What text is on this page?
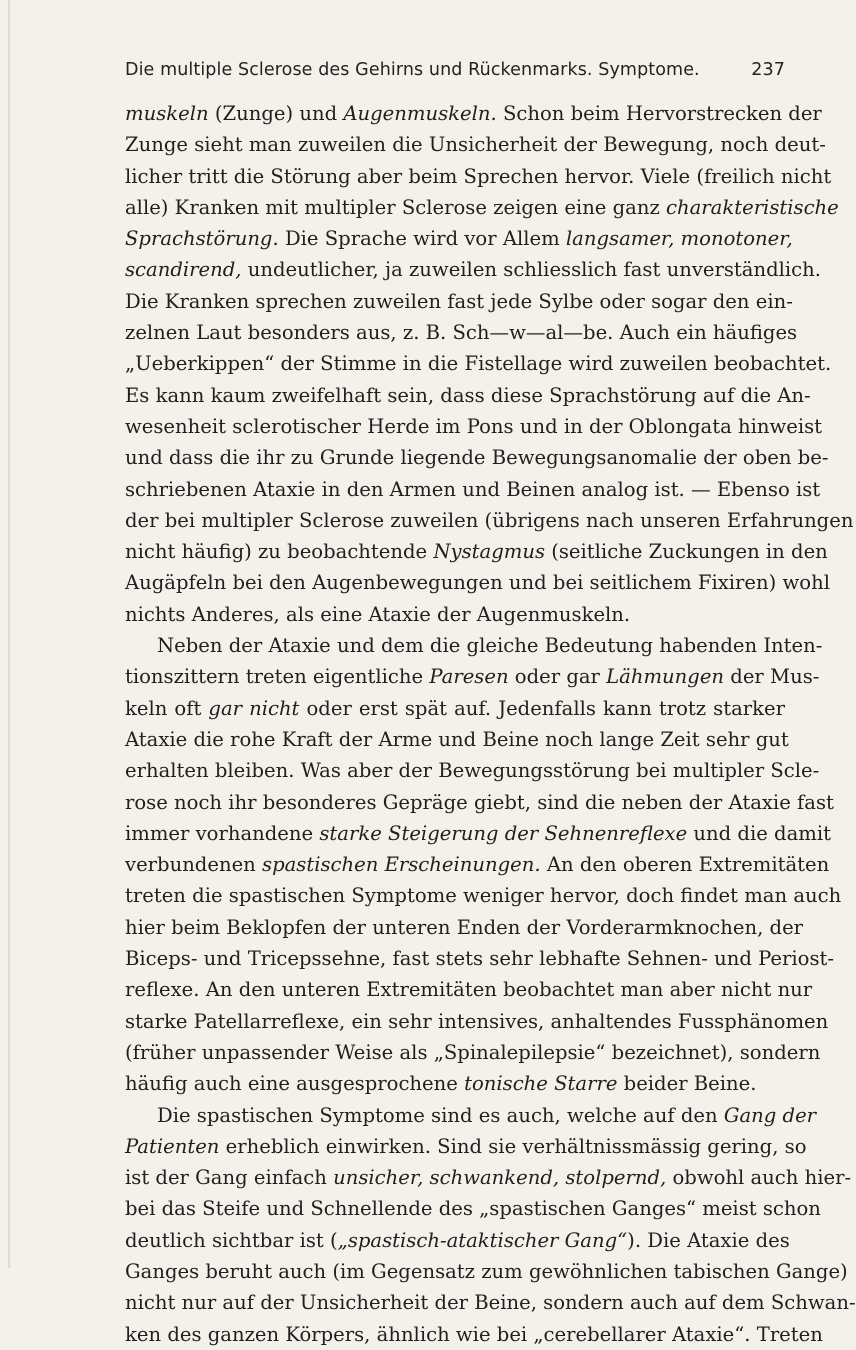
Die multiple Sclerose des Gehirns und Rückenmarks. Symptome.	237
muskeln (Zunge) und Augenmuskeln. Schon beim Hervorstrecken der
Zunge sieht man zuweilen die Unsicherheit der Bewegung, noch deut-
licher tritt die Störung aber beim Sprechen hervor. Viele (freilich nicht
alle) Kranken mit multipler Sclerose zeigen eine ganz charakteristische
Sprachstörung. Die Sprache wird vor Allem langsamer, monotoner,
scandirend, undeutlicher, ja zuweilen schliesslich fast unverständlich.
Die Kranken sprechen zuweilen fast jede Sylbe oder sogar den ein-
zelnen Laut besonders aus, z. B. Sch—w—al—be. Auch ein häufiges
„Ueberkippen“ der Stimme in die Fistellage wird zuweilen beobachtet.
Es kann kaum zweifelhaft sein, dass diese Sprachstörung auf die An-
wesenheit sclerotischer Herde im Pons und in der Oblongata hinweist
und dass die ihr zu Grunde liegende Bewegungsanomalie der oben be-
schriebenen Ataxie in den Armen und Beinen analog ist. — Ebenso ist
der bei multipler Sclerose zuweilen (übrigens nach unseren Erfahrungen
nicht häufig) zu beobachtende Nystagmus (seitliche Zuckungen in den
Augäpfeln bei den Augenbewegungen und bei seitlichem Fixiren) wohl
nichts Anderes, als eine Ataxie der Augenmuskeln.
Neben der Ataxie und dem die gleiche Bedeutung habenden Inten-
tionszittern treten eigentliche Paresen oder gar Lähmungen der Mus-
keln oft gar nicht oder erst spät auf. Jedenfalls kann trotz starker
Ataxie die rohe Kraft der Arme und Beine noch lange Zeit sehr gut
erhalten bleiben. Was aber der Bewegungsstörung bei multipler Scle-
rose noch ihr besonderes Gepräge giebt, sind die neben der Ataxie fast
immer vorhandene starke Steigerung der Sehnenreflexe und die damit
verbundenen spastischen Erscheinungen. An den oberen Extremitäten
treten die spastischen Symptome weniger hervor, doch findet man auch
hier beim Beklopfen der unteren Enden der Vorderarmknochen, der
Biceps- und Tricepssehne, fast stets sehr lebhafte Sehnen- und Periost-
reflexe. An den unteren Extremitäten beobachtet man aber nicht nur
starke Patellarreflexe, ein sehr intensives, anhaltendes Fussphänomen
(früher unpassender Weise als „Spinalepilepsie“ bezeichnet), sondern
häufig auch eine ausgesprochene tonische Starre beider Beine.
Die spastischen Symptome sind es auch, welche auf den Gang der
Patienten erheblich einwirken. Sind sie verhältnissmässig gering, so
ist der Gang einfach unsicher, schwankend, stolpernd, obwohl auch hier-
bei das Steife und Schnellende des „spastischen Ganges“ meist schon
deutlich sichtbar ist („spastisch-ataktischer Gang“). Die Ataxie des
Ganges beruht auch (im Gegensatz zum gewöhnlichen tabischen Gange)
nicht nur auf der Unsicherheit der Beine, sondern auch auf dem Schwan-
ken des ganzen Körpers, ähnlich wie bei „cerebellarer Ataxie“. Treten
